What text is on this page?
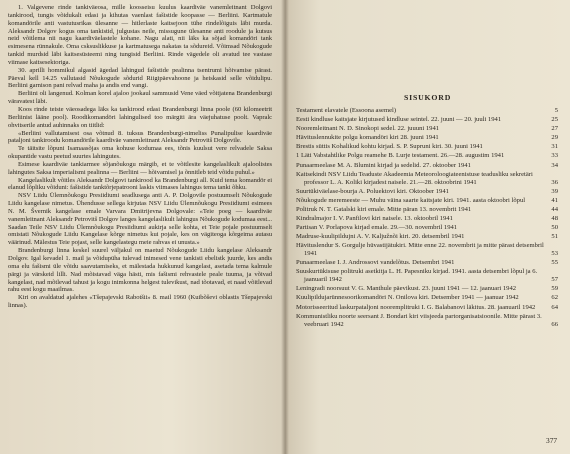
1. Valgevene rinde tankiväeosa, mille koosseisu kuulus kaardiväe vanemleitnant Dolgovi tankirood, tungis võidukalt edasi ja kihutas vaenlast fašistide koopasse — Berliini. Kartmatule komandörile anti vastutusrikas ülesanne — hitlerlaste kaitsejoon tühe rindelõiguis läbi murda. Aleksandr Dolgov kogus oma tankistid, julgustas neile, missugune ülesanne anti roodule ja kutsus neid võitlema nii nagu kaardiväelastele kohane. Nagu alati, nii läks ka sõjad komandöri tank esimesena rünnakule. Oma csksuslikkuse ja kartmatusega nakatas ta sõdureid. Võimsad Nõukogude tankid murdsid läbi kaitsesüsteemi ning tungisid Berliini. Rinde vägedele oli avatud tee vastase viimase kaitsesektoriga.

30. aprilli hommikul algasid ägedad lahingud fašistide pealinna tsentrumi hõivamise pärast. Päeval kell 14.25 vallutasid Nõukogude sõdurid Riigipäevahoone ja heiskasid selle võidulipu. Berliini garnison pani relvad maha ja andis end vangi.

Berliini oli langenud. Kolman korel ajaloo jookaul sammusid Vene väed võitjatena Brandenburgi väravatest läbi.

Koos rinde teiste väeosadega läks ka tankirood edasi Brandenburgi linna poole (60 kilomeetrit Berliinist lääne pool). Roodikomandöri lahingulised too märgiti ära väejuhatuse poolt. Vapralc ohvitserile antud auhinnaks on tiitlid:

«Berliini vallutamisest osa võtnud 8. tuksus Brandenburgi-nimeliss Punalipulise kaardiväe pataljoni tankiroodu komandörile kaardiväe vanemleitnant Aleksandr Petrovitš Dolgovile.

Te täitsite lõpuni Isamaasõjas oma kohuse kodumaa ees, tõnis kuulsut vere relvadele Saksa okupantide vastu peetud suurtes lahingutes.

Esimese kaardiväe tankiarmee sõjanõukogu märgib, et te võitlesite kangelaslikult ajaloolistes lahingutes Saksa imperialismi pealinna — Berliini — hõivamisel ja õnnitleb teid võidu puhul.»

Kangelaslikult võitles Aleksandr Dolgovi tankirood ka Brandenburgi all. Kuid tema komandör ei elanud lõpliku võiduni: fašistide tanktõrjepatrooni laskis viimases lahingus tema tanki õhku.

NSV Liidu Ülemnõukogu Presiidiumi seadlusega anti A. P. Dolgovile postuumselt Nõukogude Liidu kangelase nimetus. Ühendusse sellega kirjutas NSV Liidu Ülemnõukogu Presiidiumi esimees N. M. Švernik kangelase emale Varvara Dmitrijevna Dolgovale: «Teie poeg — kaardiväe vanemleitnant Aleksandr Petrovitš Dolgov langes kangelaslikult lahingus Nõukogude kodumaa eest... Saadan Teile NSV Liidu Ülemnõukogu Presiidiumi aukirja selle kohta, et Teie pojale postuumselt omistati Nõukogude Liidu Kangelase kõrge nimetus kui pojale, kes on vägiteoga kõrgeima autasu väärinud. Mälestus Teie pojast, selle kangelastegu meie rahvas ei unusta.»

Brandenburgi linna keskel suurel väljakul on maetud Nõukogude Liidu kangelase Aleksandr Dolgov. Igal kevadel 1. mail ja võidupüha tulevad inimesed vene tankisti ebelistk juurde, kes andis oma elu fašismi üle võidu saavutamiseks, et mälestada hukkunud kangelast, asetada tema kalmule pärgi ja värskeid lilli. Nad mõistavad väga hästi, mis fašismi rehvastele peale tuuma, ja võivad kangelast, nad mõtlevad tahust ja kogu inimkonna helgest tulevikust, nad tõotavad, et naad võitlevad rahu eest kogu maailmas.

Kiri on avaldatud ajalehes «Tšepajevski Rabotšii» 8. mail 1960 (Kuibõševi oblastis Tšepajevski linnas).

SISUKORD
Testament elavatele (Essoona asemel)	5
Eesti kindluse kaitsjate kirjutused kindluse seintel. 22. juuni — 20. juuli 1941	25
Nooremleitnant N. D. Sinokopi sedel. 22. juuuni 1941	27
Hävituslennukite polgu komandöri kiri 28. juuni 1941	29
Brestis süttis Kohalikud kohtu kirjad. S. P. Supruni kiri. 30. juuni 1941	31
1 Läti Vabstahtlike Polgu reamehe B. Lurje testament. 26.—28. augustim 1941	33
Punaarmeelase M. A. Blumini kirjad ja sedelid. 27. oktoober 1941	34
Kaitsekindi NSV Liidu Teaduste Akadeemia Meteoroloogiateenistuse teadusliku sekretäri professor L. A. Koliki kirjadest naisele. 21.—28. oktoobrini 1941	36
Suurtükiväelase-bourja A. Poluektovi kiri. Oktoober 1941	39
Nõukogude meremeeste — Muhu väina saarte kaitsjate kiri. 1941. aasta oktoobri lõpul	41
Politruk N. T. Gatalski kiri emale. Mitte päran 13. novembrit 1941	44
Kindralmajor I. V. Panfilovi kiri naisele. 13. oktoobril 1941	48
Partisan V. Porlapova kirjad emale. 29.—30. novembril 1941	50
Madruse-kuulipildujni A. V. Kaljužnõi kiri. 20. detsembril 1941	51
Hävituslendur S. Gorgulje hüvastijätukiri. Mitte enne 22. novembrit ja mitte pärast detsembril 1941	53
Punaarmeelase I. J. Androssovi vandelõtus. Detsembri 1941	55
Suuskurtükisuse politruki asetkitja L. H. Papesniku kirjad. 1941. aasta detsembri lõpul ja 6. jaanuaril 1942	57
Leningradi noorsuut V. G. Manthule päevikust. 23. juuni 1941 — 12. jaanuari 1942	59
Kuulipildujarünnesoorikomandöri N. Onilova kiri. Detsember 1941 — jaanuar 1942	62
Motorisseeritud laskurpataljoni nooremplitruki I. G. Balabanovi läkitus. 28. jaanuaril 1942	64
Kommunistliku noorte seersant J. Bondari kiri viisjeeda partorganisatsioonile. Mitte pärast 3. veebruari 1942	66
377
